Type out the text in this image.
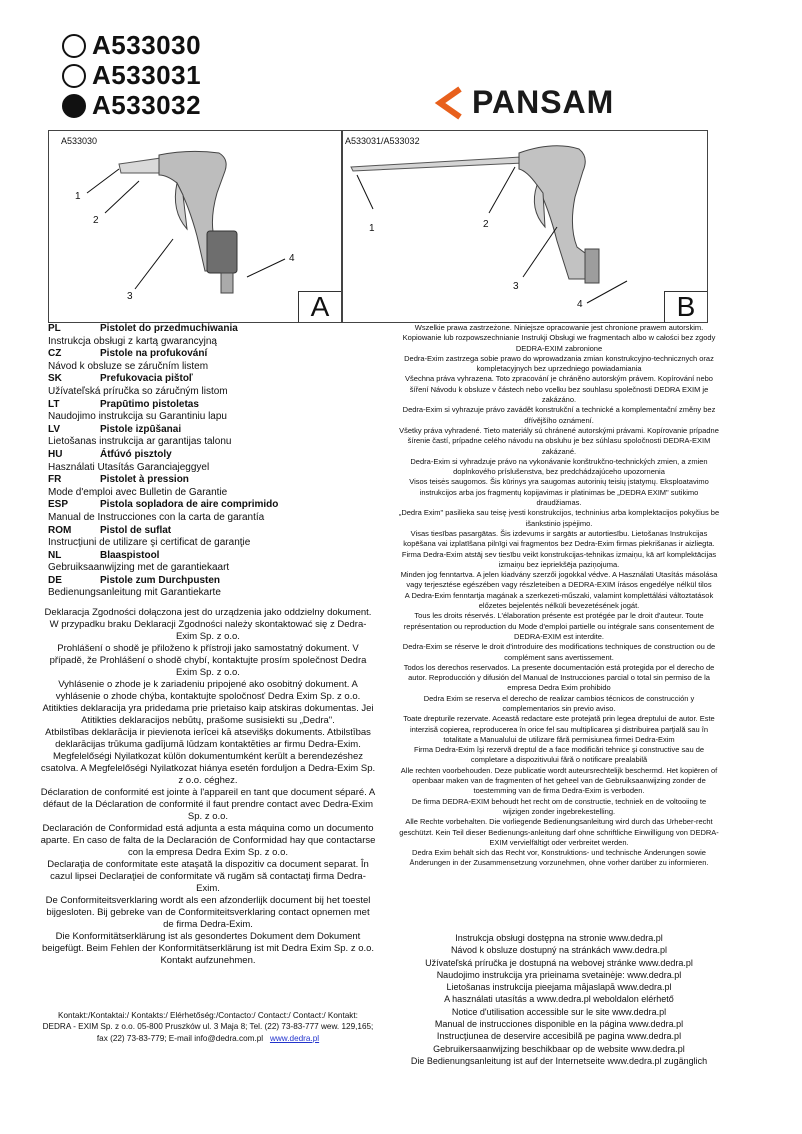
A533030
A533031
A533032	PANSAM
A533030
1
2
3
4
A
A533031/A533032
1	2
3
4	B
PL	Pistolet do przedmuchiwania
Instrukcja obsługi z kartą gwarancyjną
CZ	Pistole na profukování
Návod k obsluze se záručním listem
SK	Prefukovacia pištoľ
Užívateľská príručka so záručným listom
LT	Prapūtimo pistoletas
Naudojimo instrukcija su Garantiniu lapu
LV	Pistole izpūšanai
Lietošanas instrukcija ar garantijas talonu
HU	Átfúvó pisztoly
Használati Utasítás Garanciajeggyel
FR	Pistolet à pression
Mode d'emploi avec Bulletin de Garantie
ESP	Pistola sopladora de aire comprimido
Manual de Instrucciones con la carta de garantía
ROM	Pistol de suflat
Instrucţiuni de utilizare şi certificat de garanţie
NL	Blaaspistool
Gebruiksaanwijzing met de garantiekaart
DE	Pistole zum Durchpusten
Bedienungsanleitung mit Garantiekarte

Deklaracja Zgodności dołączona jest do urządzenia jako oddzielny dokument. W przypadku braku Deklaracji Zgodności należy skontaktować się z Dedra-Exim Sp. z o.o.

Prohlášení o shodě je přiloženo k přístroji jako samostatný dokument. V případě, že Prohlášení o shodě chybí, kontaktujte prosím společnost Dedra Exim Sp. z o.o.

Vyhlásenie o zhode je k zariadeniu pripojené ako osobitný dokument. A vyhlásenie o zhode chýba, kontaktujte spoločnosť Dedra Exim Sp. z o.o.

Atitikties deklaracija yra pridedama prie prietaiso kaip atskiras dokumentas. Jei Atitikties deklaracijos nebūtų, prašome susisiekti su „Dedra".

Atbilstības deklarācija ir pievienota ierīcei kā atsevišķs dokuments. Atbilstības deklarācijas trūkuma gadījumā lūdzam kontaktēties ar firmu Dedra-Exim.

Megfelelőségi Nyilatkozat külön dokumentumként került a berendezéshez csatolva. A Megfelelőségi Nyilatkozat hiánya esetén forduljon a Dedra-Exim Sp. z o.o. céghez.

Déclaration de conformité est jointe à l'appareil en tant que document séparé. A défaut de la Déclaration de conformité il faut prendre contact avec Dedra-Exim Sp. z o.o.

Declaración de Conformidad está adjunta a esta máquina como un documento aparte. En caso de falta de la Declaración de Conformidad hay que contactarse con la empresa Dedra Exim Sp. z o.o.

Declaraţia de conformitate este ataşată la dispozitiv ca document separat. În cazul lipsei Declaraţiei de conformitate vă rugăm să contactaţi firma Dedra-Exim.

De Conformiteitsverklaring wordt als een afzonderlijk document bij het toestel bijgesloten. Bij gebreke van de Conformiteitsverklaring contact opnemen met de firma Dedra-Exim.

Die Konformitätserklärung ist als gesondertes Dokument dem Dokument beigefügt. Beim Fehlen der Konformitätserklärung ist mit Dedra Exim Sp. z o.o. Kontakt aufzunehmen.

Kontakt:/Kontaktai:/ Kontakts:/ Elérhetőség:/Contacto:/ Contact:/ Contact:/ Kontakt:
DEDRA - EXIM Sp. z o.o. 05-800 Pruszków ul. 3 Maja 8; Tel. (22) 73-83-777 wew. 129,165;
fax (22) 73-83-779; E-mail info@dedra.com.pl www.dedra.pl

Wszelkie prawa zastrzeżone. Niniejsze opracowanie jest chronione prawem autorskim. Kopiowanie lub rozpowszechnianie Instrukji Obsługi we fragmentach albo w całości bez zgody DEDRA-EXIM zabronione

Dedra-Exim zastrzega sobie prawo do wprowadzania zmian konstrukcyjno-technicznych oraz kompletacyjnych bez uprzedniego powiadamiania

Všechna práva vyhrazena. Toto zpracování je chráněno autorským právem. Kopírování nebo šíření Návodu k obsluze v částech nebo vcelku bez souhlasu společnosti DEDRA EXIM je zakázáno.

Dedra-Exim si vyhrazuje právo zavádět konstrukční a technické a komplementační změny bez dřívějšího oznámení.

Všetky práva vyhradené. Tieto materiály sú chránené autorskými právami. Kopírovanie prípadne šírenie častí, prípadne celého návodu na obsluhu je bez súhlasu spoločnosti DEDRA-EXIM zakázané.

Dedra-Exim si vyhradzuje právo na vykonávanie konštrukčno-technických zmien, a zmien doplnkového príslušenstva, bez predchádzajúceho upozornenia

Visos teisės saugomos. Šis kūrinys yra saugomas autorinių teisių įstatymų. Eksploatavimo instrukcijos arba jos fragmentų kopijavimas ir platinimas be „DEDRA EXIM" sutikimo draudžiamas.

„Dedra Exim" pasilieka sau teisę įvesti konstrukcijos, techninius arba komplektacijos pokyčius be išankstinio įspėjimo.

Visas tiesības pasargātas. Šis izdevums ir sargāts ar autortiesību. Lietošanas Instrukcijas kopēšana vai izplatīšana pilnīgi vai fragmentos bez Dedra-Exim firmas piekrišanas ir aizliegta.

Firma Dedra-Exim atstāj sev tiesību veikt konstrukcijas-tehnikas izmaiņu, kā arī komplektācijas izmaiņu bez iepriekšēja paziņojuma.

Minden jog fenntartva. A jelen kiadvány szerzői jogokkal védve. A Használati Utasítás másolása vagy terjesztése egészében vagy részleteiben a DEDRA-EXIM írásos engedélye nélkül tilos

A Dedra-Exim fenntartja magának a szerkezeti-műszaki, valamint komplettálási változtatások előzetes bejelentés nélküli bevezetésének jogát.

Tous les droits réservés. L'élaboration présente est protégée par le droit d'auteur. Toute représentation ou reproduction du Mode d'emploi partielle ou intégrale sans consentement de DEDRA-EXIM est interdite.

Dedra-Exim se réserve le droit d'introduire des modifications techniques de construction ou de complément sans avertissement.

Todos los derechos reservados. La presente documentación está protegida por el derecho de autor. Reproducción y difusión del Manual de Instrucciones parcial o total sin permiso de la empresa Dedra Exim prohibido

Dedra Exim se reserva el derecho de realizar cambios técnicos de construcción y complementarios sin previo aviso.

Toate drepturile rezervate. Aceastǎ redactare este protejată prin legea dreptului de autor. Este interzisǎ copierea, reproducerea în orice fel sau multiplicarea şi distribuirea parţială sau în totalitate a Manualului de utilizare fără permisiunea firmei Dedra-Exim

Firma Dedra-Exim îşi rezervă dreptul de a face modificări tehnice şi constructive sau de completare a dispozitivului fără o notificare prealabilă

Alle rechten voorbehouden. Deze publicatie wordt auteursrechtelijk beschermd. Het kopiëren of openbaar maken van de fragmenten of het geheel van de Gebruiksaanwijzing zonder de toestemming van de firma Dedra-Exim is verboden.

De firma DEDRA-EXIM behoudt het recht om de constructie, techniek en de voltooiing te wijzigen zonder ingebrekestelling.

Alle Rechte vorbehalten. Die vorliegende Bedienungsanleitung wird durch das Urheber-recht geschützt. Kein Teil dieser Bedienungs-anleitung darf ohne schriftliche Einwilligung von DEDRA-EXIM vervielfältigt oder verbreitet werden.

Dedra Exim behält sich das Recht vor, Konstruktions- und technische Änderungen sowie Änderungen in der Zusammensetzung vorzunehmen, ohne vorher darüber zu informieren.

Instrukcja obsługi dostępna na stronie www.dedra.pl

Návod k obsluze dostupný na stránkách www.dedra.pl

Užívateľská príručka je dostupná na webovej stránke www.dedra.pl

Naudojimo instrukcija yra prieinama svetainėje: www.dedra.pl

Lietošanas instrukcija pieejama mājaslapā www.dedra.pl

A használati utasítás a www.dedra.pl weboldalon elérhető

Notice d'utilisation accessible sur le site www.dedra.pl

Manual de instrucciones disponible en la página www.dedra.pl

Instrucţiunea de deservire accesibilă pe pagina www.dedra.pl

Gebruikersaanwijzing beschikbaar op de website www.dedra.pl

Die Bedienungsanleitung ist auf der Internetseite www.dedra.pl zugänglich
